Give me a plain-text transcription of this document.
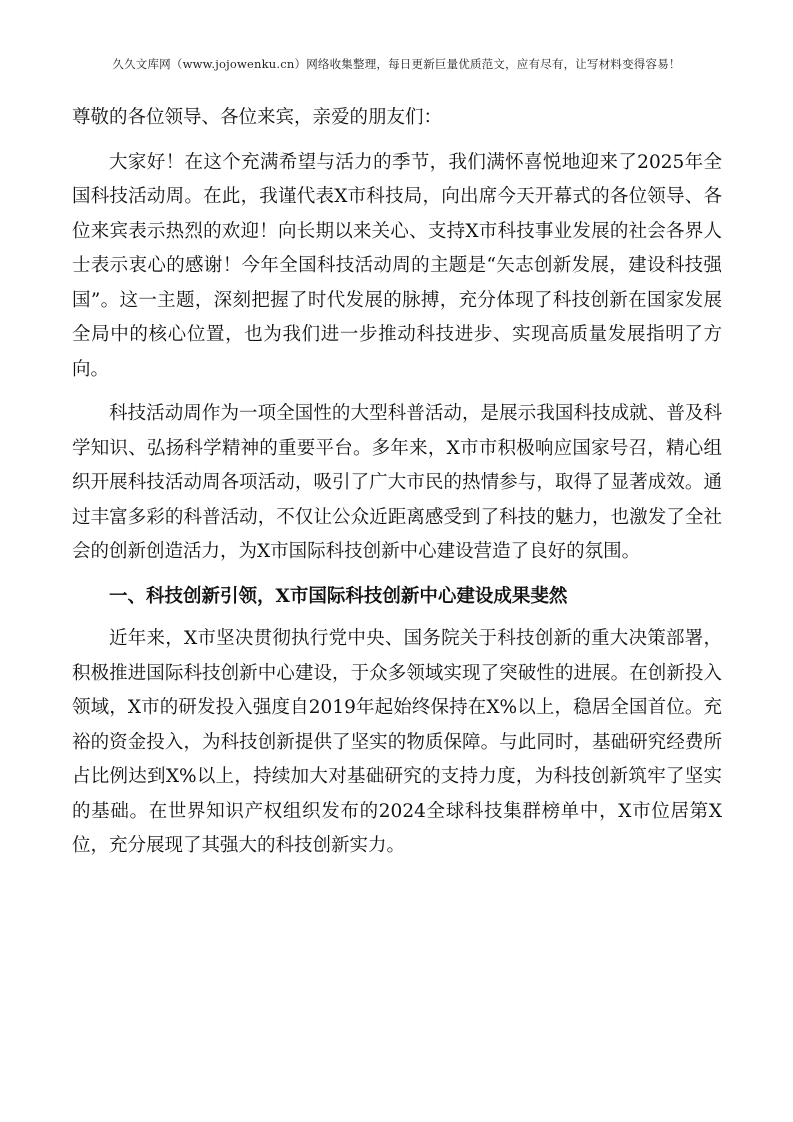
久久文库网（www.jojowenku.cn）网络收集整理，每日更新巨量优质范文，应有尽有，让写材料变得容易！

尊敬的各位领导、各位来宾，亲爱的朋友们：

大家好！在这个充满希望与活力的季节，我们满怀喜悦地迎来了2025年全国科技活动周。在此，我谨代表X市科技局，向出席今天开幕式的各位领导、各位来宾表示热烈的欢迎！向长期以来关心、支持X市科技事业发展的社会各界人士表示衷心的感谢！今年全国科技活动周的主题是“矢志创新发展，建设科技强国”。这一主题，深刻把握了时代发展的脉搏，充分体现了科技创新在国家发展全局中的核心位置，也为我们进一步推动科技进步、实现高质量发展指明了方向。

科技活动周作为一项全国性的大型科普活动，是展示我国科技成就、普及科学知识、弘扬科学精神的重要平台。多年来，X市市积极响应国家号召，精心组织开展科技活动周各项活动，吸引了广大市民的热情参与，取得了显著成效。通过丰富多彩的科普活动，不仅让公众近距离感受到了科技的魅力，也激发了全社会的创新创造活力，为X市国际科技创新中心建设营造了良好的氛围。

一、科技创新引领，X市国际科技创新中心建设成果斐然

近年来，X市坚决贯彻执行党中央、国务院关于科技创新的重大决策部署，积极推进国际科技创新中心建设，于众多领域实现了突破性的进展。在创新投入领域，X市的研发投入强度自2019年起始终保持在X%以上，稳居全国首位。充裕的资金投入，为科技创新提供了坚实的物质保障。与此同时，基础研究经费所占比例达到X%以上，持续加大对基础研究的支持力度，为科技创新筑牢了坚实的基础。在世界知识产权组织发布的2024全球科技集群榜单中，X市位居第X位，充分展现了其强大的科技创新实力。
